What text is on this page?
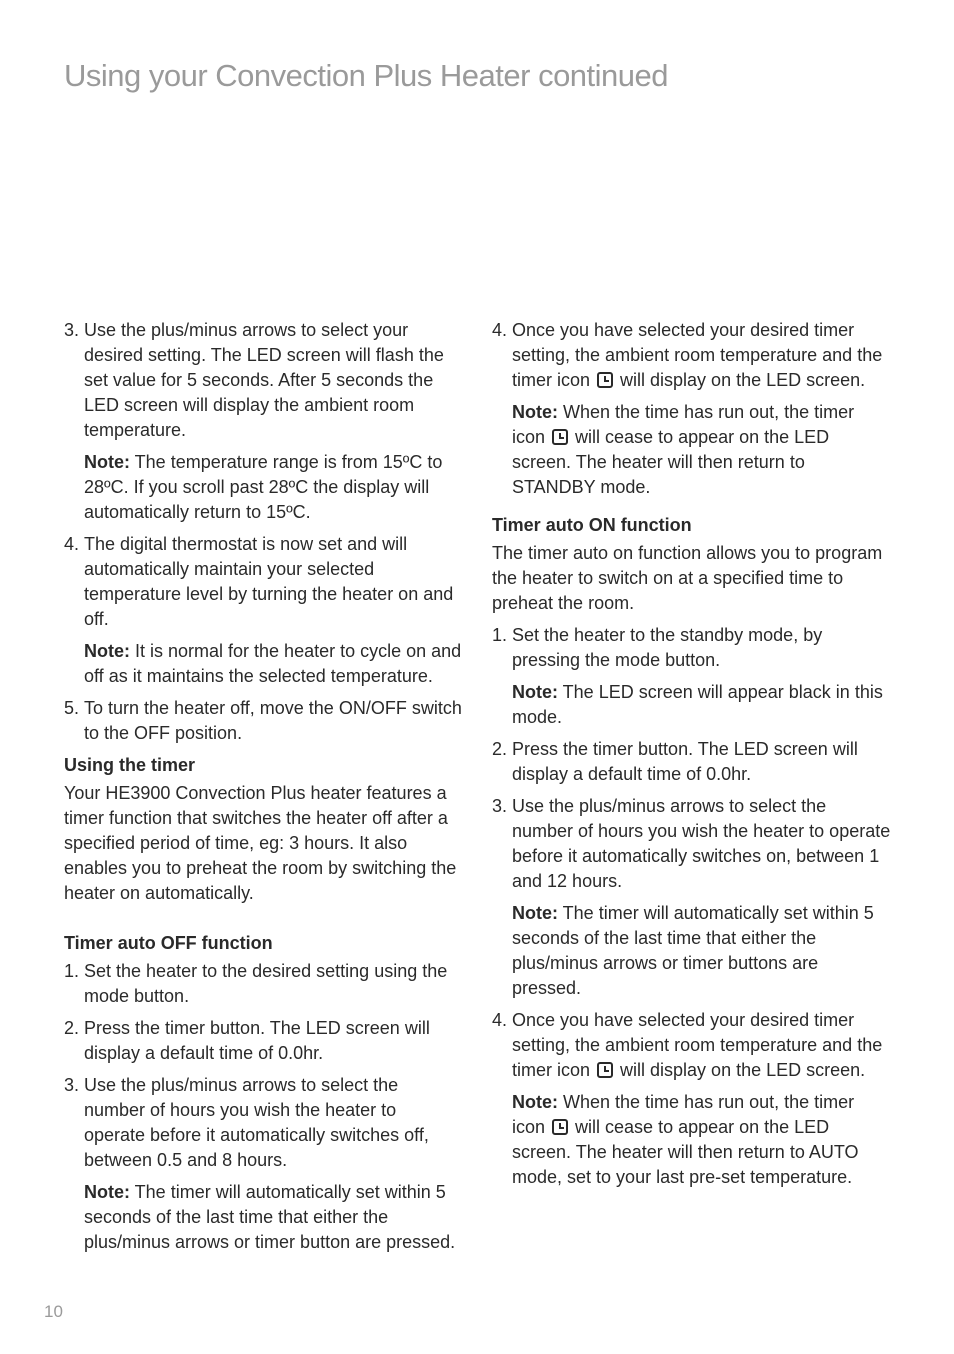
Using your Convection Plus Heater continued
3. Use the plus/minus arrows to select your desired setting. The LED screen will flash the set value for 5 seconds. After 5 seconds the LED screen will display the ambient room temperature.
Note: The temperature range is from 15ºC to 28ºC. If you scroll past 28ºC the display will automatically return to 15ºC.
4. The digital thermostat is now set and will automatically maintain your selected temperature level by turning the heater on and off.
Note: It is normal for the heater to cycle on and off as it maintains the selected temperature.
5. To turn the heater off, move the ON/OFF switch to the OFF position.
Using the timer
Your HE3900 Convection Plus heater features a timer function that switches the heater off after a specified period of time, eg: 3 hours. It also enables you to preheat the room by switching the heater on automatically.
Timer auto OFF function
1. Set the heater to the desired setting using the mode button.
2. Press the timer button. The LED screen will display a default time of 0.0hr.
3. Use the plus/minus arrows to select the number of hours you wish the heater to operate before it automatically switches off, between 0.5 and 8 hours.
Note: The timer will automatically set within 5 seconds of the last time that either the plus/minus arrows or timer button are pressed.
4. Once you have selected your desired timer setting, the ambient room temperature and the timer icon  will display on the LED screen.
Note: When the time has run out, the timer icon  will cease to appear on the LED screen. The heater will then return to STANDBY mode.
Timer auto ON function
The timer auto on function allows you to program the heater to switch on at a specified time to preheat the room.
1. Set the heater to the standby mode, by pressing the mode button.
Note: The LED screen will appear black in this mode.
2. Press the timer button. The LED screen will display a default time of 0.0hr.
3. Use the plus/minus arrows to select the number of hours you wish the heater to operate before it automatically switches on, between 1 and 12 hours.
Note: The timer will automatically set within 5 seconds of the last time that either the plus/minus arrows or timer buttons are pressed.
4. Once you have selected your desired timer setting, the ambient room temperature and the timer icon  will display on the LED screen.
Note: When the time has run out, the timer icon  will cease to appear on the LED screen. The heater will then return to AUTO mode, set to your last pre-set temperature.
10
